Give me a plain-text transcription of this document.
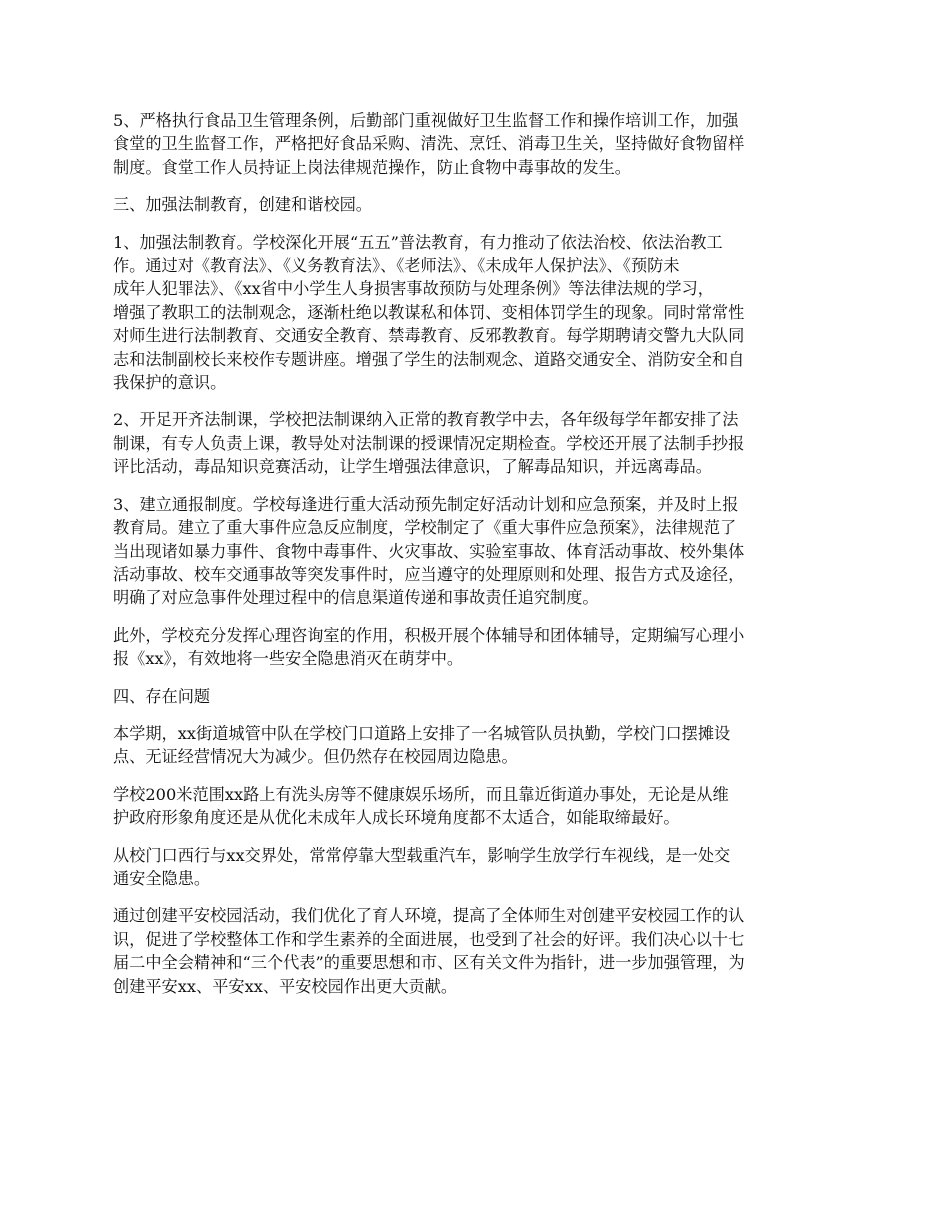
5、严格执行食品卫生管理条例，后勤部门重视做好卫生监督工作和操作培训工作，加强
食堂的卫生监督工作，严格把好食品采购、清洗、烹饪、消毒卫生关，坚持做好食物留样
制度。食堂工作人员持证上岗法律规范操作，防止食物中毒事故的发生。

三、加强法制教育，创建和谐校园。

1、加强法制教育。学校深化开展“五五”普法教育，有力推动了依法治校、依法治教工
作。通过对《教育法》、《义务教育法》、《老师法》、《未成年人保护法》、《预防未
成年人犯罪法》、《xx省中小学生人身损害事故预防与处理条例》等法律法规的学习，
增强了教职工的法制观念，逐渐杜绝以教谋私和体罚、变相体罚学生的现象。同时常常性
对师生进行法制教育、交通安全教育、禁毒教育、反邪教教育。每学期聘请交警九大队同
志和法制副校长来校作专题讲座。增强了学生的法制观念、道路交通安全、消防安全和自
我保护的意识。

2、开足开齐法制课，学校把法制课纳入正常的教育教学中去，各年级每学年都安排了法
制课，有专人负责上课，教导处对法制课的授课情况定期检查。学校还开展了法制手抄报
评比活动，毒品知识竞赛活动，让学生增强法律意识，了解毒品知识，并远离毒品。

3、建立通报制度。学校每逢进行重大活动预先制定好活动计划和应急预案，并及时上报
教育局。建立了重大事件应急反应制度，学校制定了《重大事件应急预案》，法律规范了
当出现诸如暴力事件、食物中毒事件、火灾事故、实验室事故、体育活动事故、校外集体
活动事故、校车交通事故等突发事件时，应当遵守的处理原则和处理、报告方式及途径，
明确了对应急事件处理过程中的信息渠道传递和事故责任追究制度。

此外，学校充分发挥心理咨询室的作用，积极开展个体辅导和团体辅导，定期编写心理小
报《xx》，有效地将一些安全隐患消灭在萌芽中。

四、存在问题

本学期，xx街道城管中队在学校门口道路上安排了一名城管队员执勤，学校门口摆摊设
点、无证经营情况大为减少。但仍然存在校园周边隐患。

学校200米范围xx路上有洗头房等不健康娱乐场所，而且靠近街道办事处，无论是从维
护政府形象角度还是从优化未成年人成长环境角度都不太适合，如能取缔最好。

从校门口西行与xx交界处，常常停靠大型载重汽车，影响学生放学行车视线，是一处交
通安全隐患。

通过创建平安校园活动，我们优化了育人环境，提高了全体师生对创建平安校园工作的认
识，促进了学校整体工作和学生素养的全面进展，也受到了社会的好评。我们决心以十七
届二中全会精神和“三个代表”的重要思想和市、区有关文件为指针，进一步加强管理，为
创建平安xx、平安xx、平安校园作出更大贡献。
